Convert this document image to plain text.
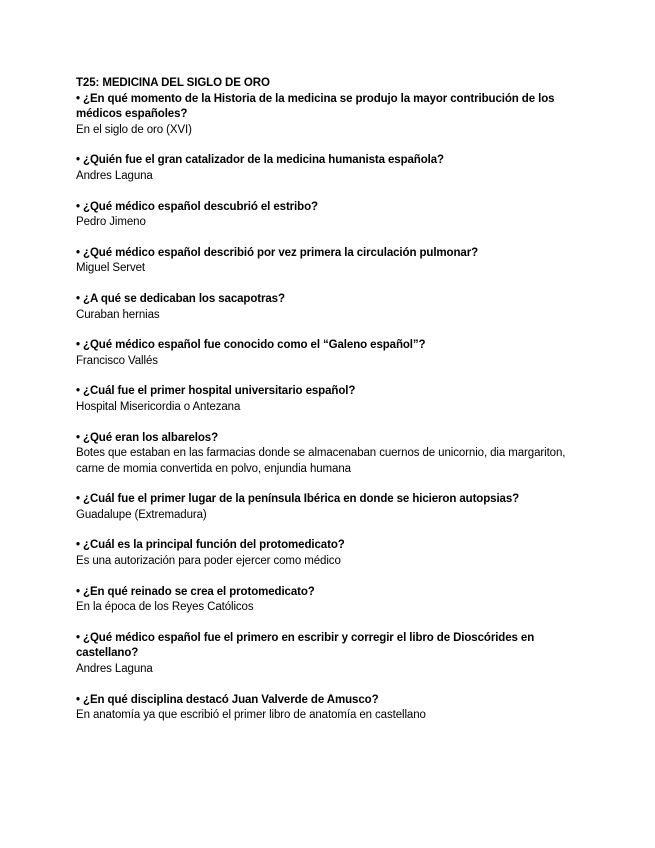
T25: MEDICINA DEL SIGLO DE ORO

• ¿En qué momento de la Historia de la medicina se produjo la mayor contribución de los médicos españoles?

En el siglo de oro (XVI)

• ¿Quién fue el gran catalizador de la medicina humanista española?

Andres Laguna

• ¿Qué médico español descubrió el estribo?

Pedro Jimeno

• ¿Qué médico español describió por vez primera la circulación pulmonar?

Miguel Servet

• ¿A qué se dedicaban los sacapotras?

Curaban hernias

• ¿Qué médico español fue conocido como el “Galeno español”?

Francisco Vallés

• ¿Cuál fue el primer hospital universitario español?

Hospital Misericordia o Antezana

• ¿Qué eran los albarelos?

Botes que estaban en las farmacias donde se almacenaban cuernos de unicornio, dia margariton, carne de momia convertida en polvo, enjundia humana

• ¿Cuál fue el primer lugar de la península Ibérica en donde se hicieron autopsias?

Guadalupe (Extremadura)

• ¿Cuál es la principal función del protomedicato?

Es una autorización para poder ejercer como médico

• ¿En qué reinado se crea el protomedicato?

En la época de los Reyes Católicos

• ¿Qué médico español fue el primero en escribir y corregir el libro de Dioscórides en castellano?

Andres Laguna

• ¿En qué disciplina destacó Juan Valverde de Amusco?

En anatomía ya que escribió el primer libro de anatomía en castellano
